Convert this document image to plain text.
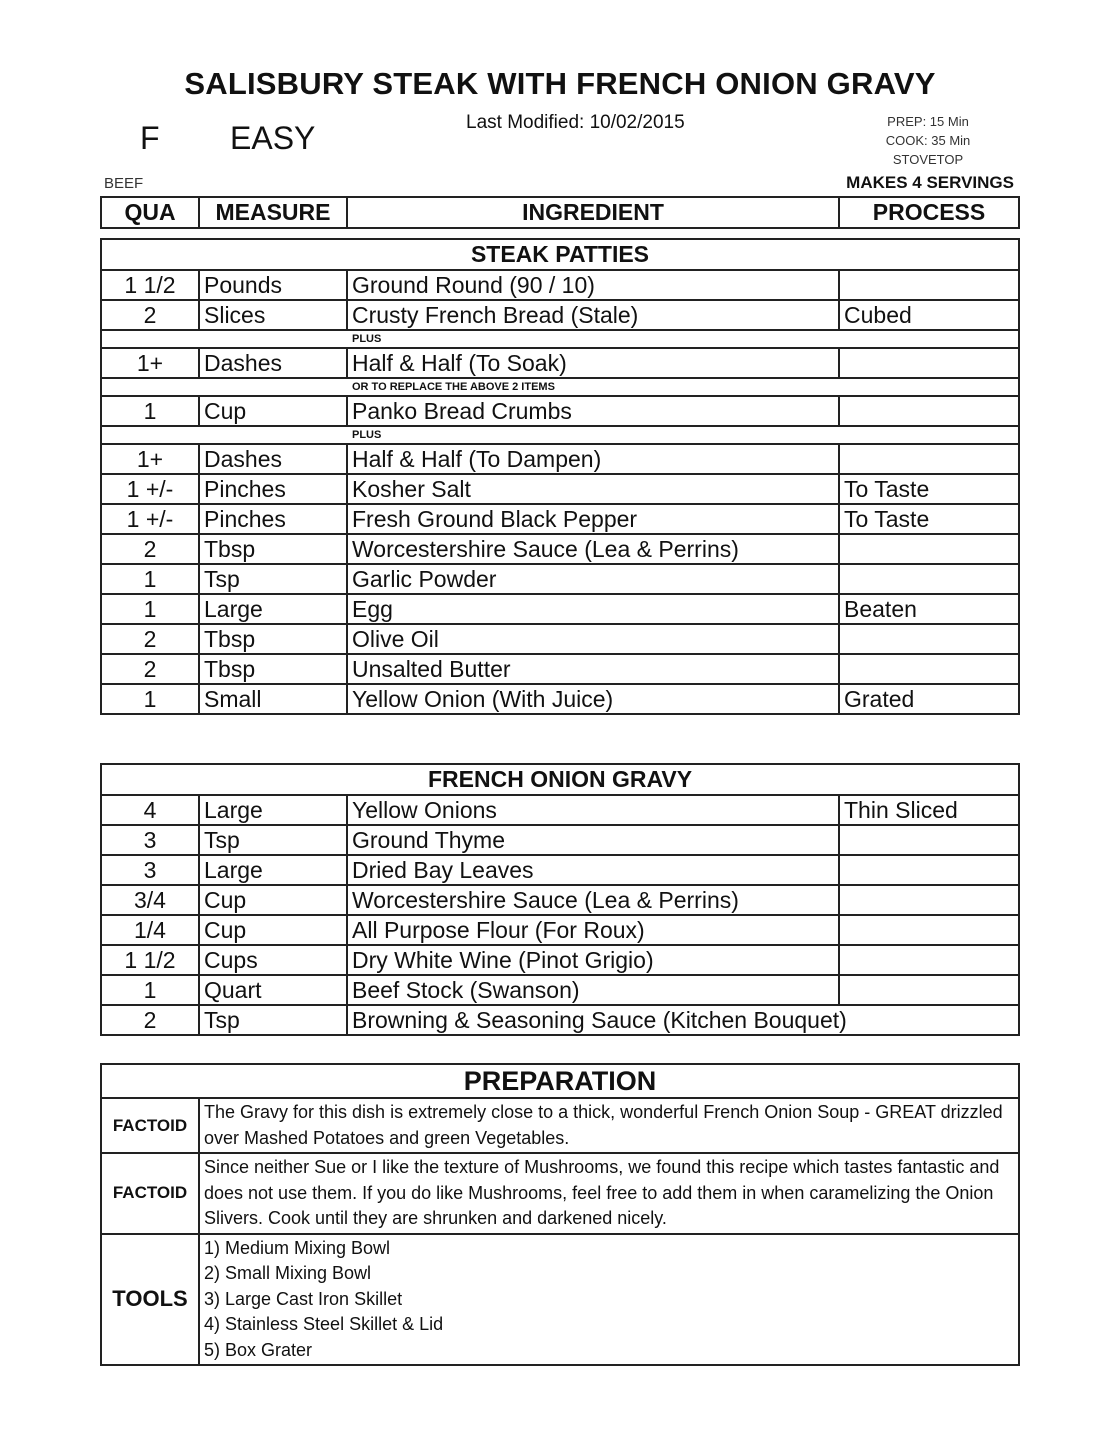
SALISBURY STEAK WITH FRENCH ONION GRAVY
F EASY	Last Modified: 10/02/2015	PREP: 15 Min
COOK: 35 Min
STOVETOP
BEEF	MAKES 4 SERVINGS
QUA	MEASURE	INGREDIENT	PROCESS
STEAK PATTIES			
1 1/2	Pounds	Ground Round (90 / 10)	
2	Slices	Crusty French Bread (Stale)	Cubed
		PLUS	
1+	Dashes	Half & Half (To Soak)	
		OR TO REPLACE THE ABOVE 2 ITEMS	
1	Cup	Panko Bread Crumbs	
		PLUS	
1+	Dashes	Half & Half (To Dampen)	
1 +/-	Pinches	Kosher Salt	To Taste
1 +/-	Pinches	Fresh Ground Black Pepper	To Taste
2	Tbsp	Worcestershire Sauce (Lea & Perrins)	
1	Tsp	Garlic Powder	
1	Large	Egg	Beaten
2	Tbsp	Olive Oil	
2	Tbsp	Unsalted Butter	
1	Small	Yellow Onion (With Juice)	Grated
FRENCH ONION GRAVY			
4	Large	Yellow Onions	Thin Sliced
3	Tsp	Ground Thyme	
3	Large	Dried Bay Leaves	
3/4	Cup	Worcestershire Sauce (Lea & Perrins)	
1/4	Cup	All Purpose Flour (For Roux)	
1 1/2	Cups	Dry White Wine (Pinot Grigio)	
1	Quart	Beef Stock (Swanson)	
2	Tsp	Browning & Seasoning Sauce (Kitchen Bouquet)	
PREPARATION	
FACTOID	The Gravy for this dish is extremely close to a thick, wonderful French Onion Soup - GREAT drizzled over Mashed Potatoes and green Vegetables.
FACTOID	Since neither Sue or I like the texture of Mushrooms, we found this recipe which tastes fantastic and does not use them. If you do like Mushrooms, feel free to add them in when caramelizing the Onion Slivers. Cook until they are shrunken and darkened nicely.
TOOLS	1) Medium Mixing Bowl
2) Small Mixing Bowl
3) Large Cast Iron Skillet
4) Stainless Steel Skillet & Lid
5) Box Grater
